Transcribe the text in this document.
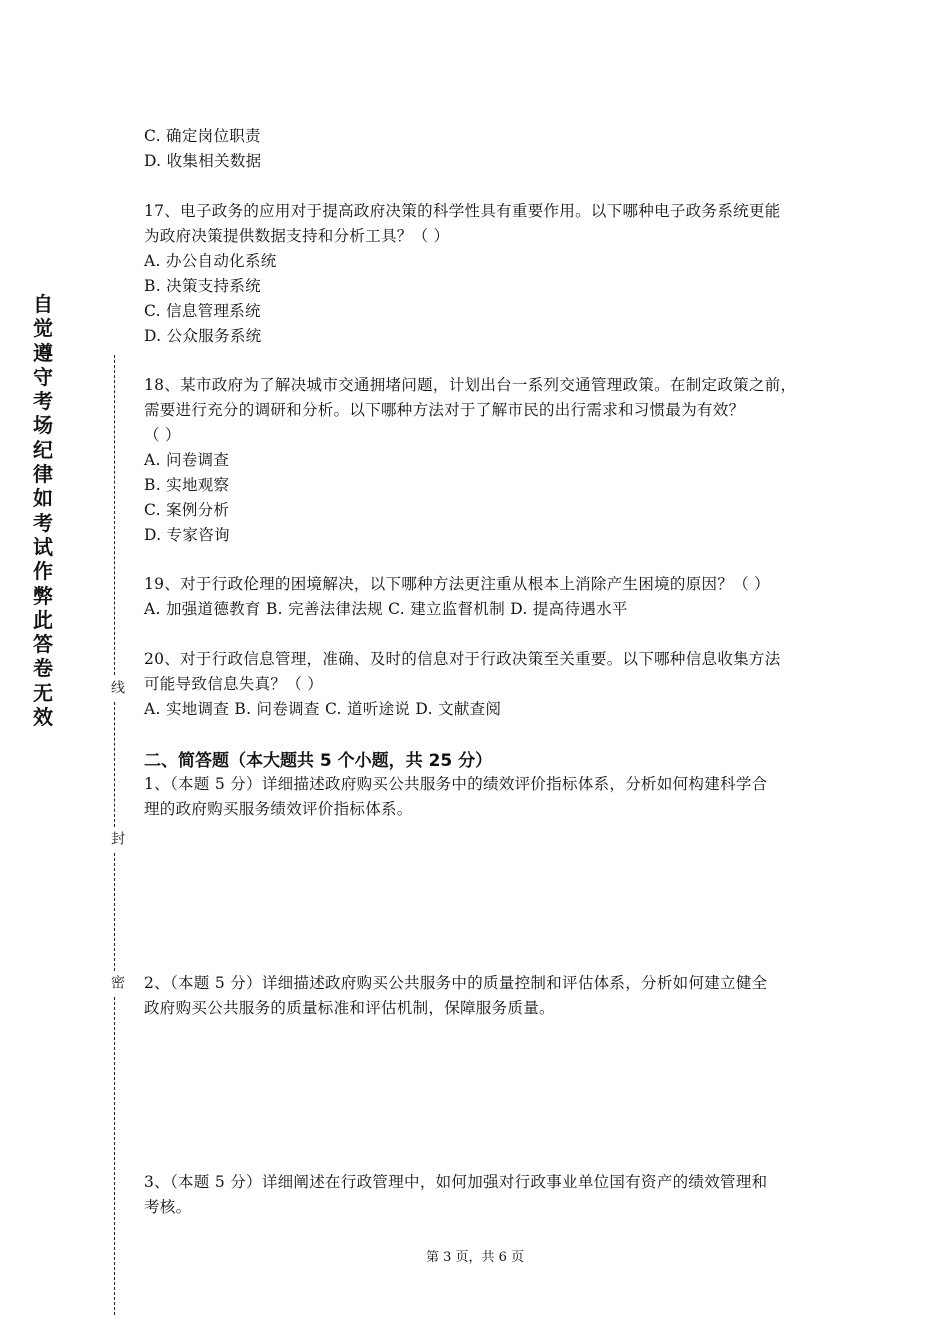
自觉遵守考场纪律如考试作弊此答卷无效
线
封
密
C. 确定岗位职责
D. 收集相关数据
17、电子政务的应用对于提高政府决策的科学性具有重要作用。以下哪种电子政务系统更能
为政府决策提供数据支持和分析工具？（ ）
A. 办公自动化系统
B. 决策支持系统
C. 信息管理系统
D. 公众服务系统
18、某市政府为了解决城市交通拥堵问题，计划出台一系列交通管理政策。在制定政策之前，
需要进行充分的调研和分析。以下哪种方法对于了解市民的出行需求和习惯最为有效？
（ ）
A. 问卷调查
B. 实地观察
C. 案例分析
D. 专家咨询
19、对于行政伦理的困境解决，以下哪种方法更注重从根本上消除产生困境的原因？（ ）
A. 加强道德教育 B. 完善法律法规 C. 建立监督机制 D. 提高待遇水平
20、对于行政信息管理，准确、及时的信息对于行政决策至关重要。以下哪种信息收集方法
可能导致信息失真？（ ）
A. 实地调查 B. 问卷调查 C. 道听途说 D. 文献查阅
二、简答题（本大题共 5 个小题，共 25 分）
1、（本题 5 分）详细描述政府购买公共服务中的绩效评价指标体系，分析如何构建科学合
理的政府购买服务绩效评价指标体系。
2、（本题 5 分）详细描述政府购买公共服务中的质量控制和评估体系，分析如何建立健全
政府购买公共服务的质量标准和评估机制，保障服务质量。
3、（本题 5 分）详细阐述在行政管理中，如何加强对行政事业单位国有资产的绩效管理和
考核。
第 3 页，共 6 页
